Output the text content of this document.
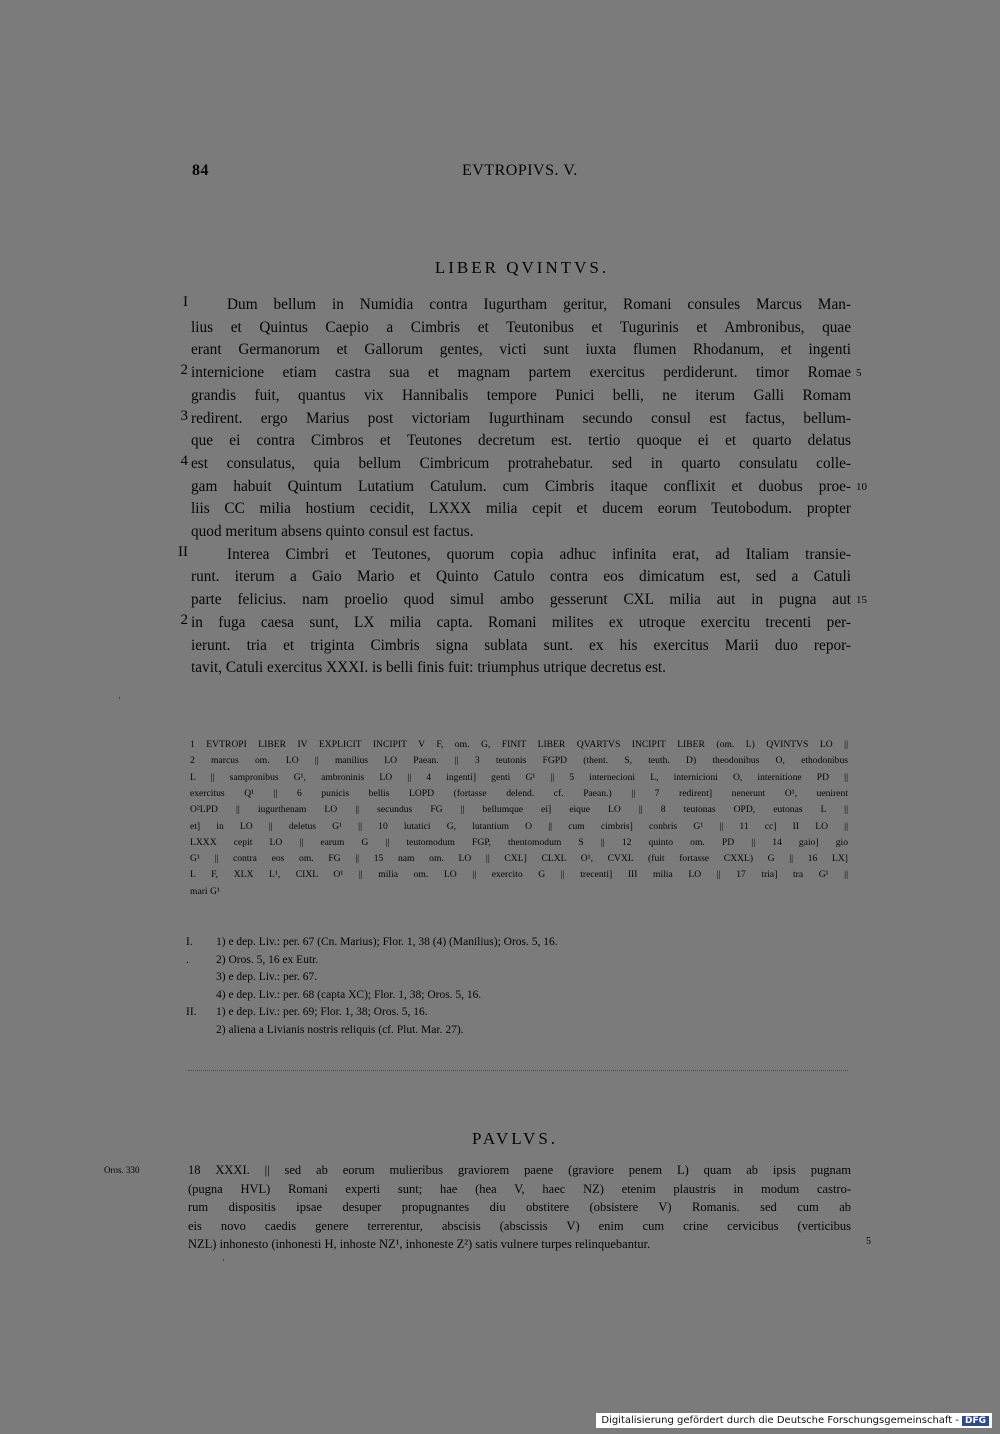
84	EVTROPIVS. V.
LIBER QVINTVS.
Dum bellum in Numidia contra Iugurtham geritur, Romani consules Marcus Man-
I
lius et Quintus Caepio a Cimbris et Teutonibus et Tugurinis et Ambronibus, quae
erant Germanorum et Gallorum gentes, victi sunt iuxta flumen Rhodanum, et ingenti
internicione etiam castra sua et magnam partem exercitus perdiderunt. timor Romae
2	5
grandis fuit, quantus vix Hannibalis tempore Punici belli, ne iterum Galli Romam
redirent. ergo Marius post victoriam Iugurthinam secundo consul est factus, bellum-
3
que ei contra Cimbros et Teutones decretum est. tertio quoque ei et quarto delatus
est consulatus, quia bellum Cimbricum protrahebatur. sed in quarto consulatu colle-
4
gam habuit Quintum Lutatium Catulum. cum Cimbris itaque conflixit et duobus proe- 10
liis CC milia hostium cecidit, LXXX milia cepit et ducem eorum Teutobodum. propter
quod meritum absens quinto consul est factus.
Interea Cimbri et Teutones, quorum copia adhuc infinita erat, ad Italiam transie-
II
runt. iterum a Gaio Mario et Quinto Catulo contra eos dimicatum est, sed a Catuli
parte felicius. nam proelio quod simul ambo gesserunt CXL milia aut in pugna aut 15
in fuga caesa sunt, LX milia capta. Romani milites ex utroque exercitu trecenti per-
2
ierunt. tria et triginta Cimbris signa sublata sunt. ex his exercitus Marii duo repor-
tavit, Catuli exercitus XXXI. is belli finis fuit: triumphus utrique decretus est.
1 EVTROPI LIBER IV EXPLICIT INCIPIT V F, om. G, FINIT LIBER QVARTVS INCIPIT LIBER (om. L) QVINTVS LO ||
2 marcus om. LO || manilius LO Paean. || 3 teutonis FGPD (thent. S, teuth. D) theodonibus O, ethodonibus
L || sampronibus G¹, ambroninis LO || 4 ingenti] genti G¹ || 5 internecioni L, internicioni O, internitione PD ||
exercitus Q¹ || 6 punicis bellis LOPD (fortasse delend. cf. Paean.) || 7 redirent] nenerunt O¹, uenirent
O²LPD || iugurthenam LO || secundus FG || bellumque ei] eique LO || 8 teutonas OPD, eutonas L ||
et] in LO || deletus G¹ || 10 lutatici G, lutantium O || cum cimbris] conbris G¹ || 11 cc] II LO ||
LXXX cepit LO || earum G || teutomodum FGP, thentomodum S || 12 quinto om. PD || 14 gaio] gio
G¹ || contra eos om. FG || 15 nam om. LO || CXL] CLXL O¹, CVXL (fuit fortasse CXXL) G || 16 LX]
L F, XLX L¹, CIXL O¹ || milia om. LO || exercito G || trecenti] III milia LO || 17 tria] tra G¹ ||
mari G¹
I. 1) e dep. Liv.: per. 67 (Cn. Marius); Flor. 1, 38 (4) (Manilius); Oros. 5, 16.
. 2) Oros. 5, 16 ex Eutr.
3) e dep. Liv.: per. 67.
4) e dep. Liv.: per. 68 (capta XC); Flor. 1, 38; Oros. 5, 16.
II. 1) e dep. Liv.: per. 69; Flor. 1, 38; Oros. 5, 16.
2) aliena a Livianis nostris reliquis (cf. Plut. Mar. 27).
PAVLVS.
Oros. 330	18 XXXI. || sed ab eorum mulieribus graviorem paene (graviore penem L) quam ab ipsis pugnam
(pugna HVL) Romani experti sunt; hae (hea V, haec NZ) etenim plaustris in modum castro-
rum dispositis ipsae desuper propugnantes diu obstitere (obsistere V) Romanis. sed cum ab
eis novo caedis genere terrerentur, abscisis (abscissis V) enim cum crine cervicibus (verticibus
NZL) inhonesto (inhonesti H, inhoste NZ¹, inhoneste Z²) satis vulnere turpes relinquebantur.	5
·
·
Digitalisierung gefördert durch die Deutsche Forschungsgemeinschaft - DFG
